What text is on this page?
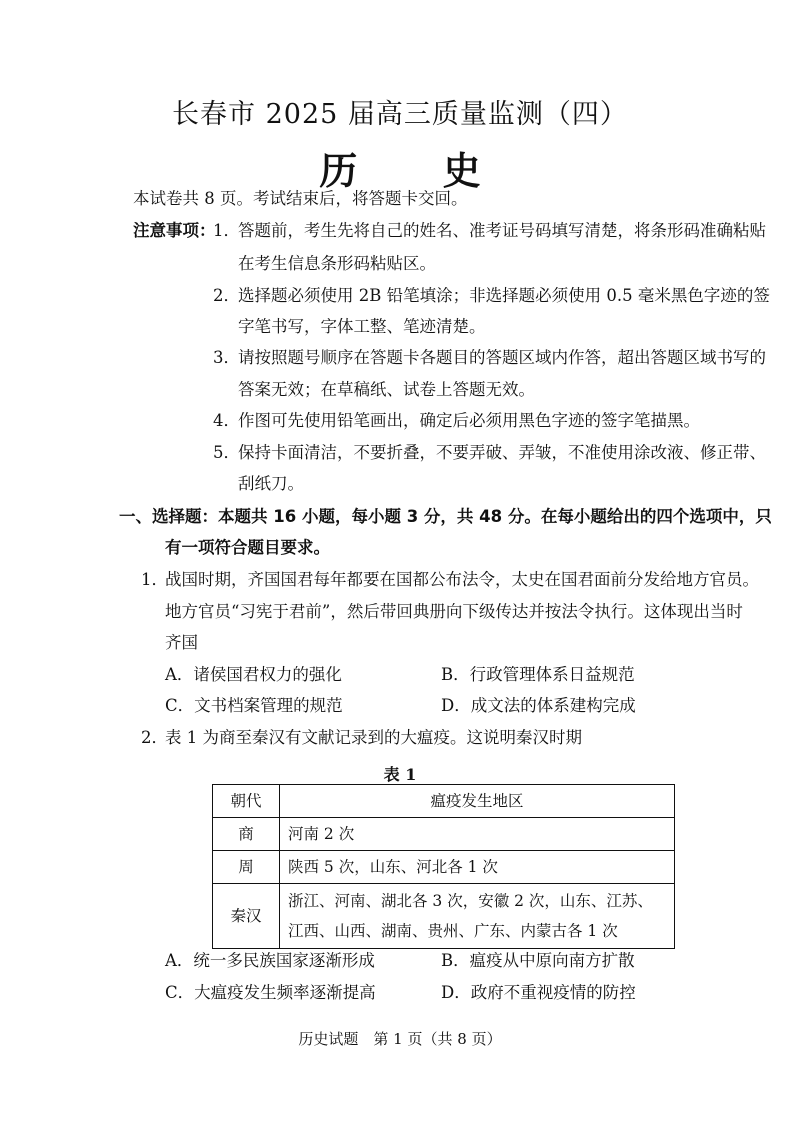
长春市 2025 届高三质量监测（四）
历 史
本试卷共 8 页。考试结束后，将答题卡交回。
注意事项：
1．
答题前，考生先将自己的姓名、准考证号码填写清楚，将条形码准确粘贴
在考生信息条形码粘贴区。
2．
选择题必须使用 2B 铅笔填涂；非选择题必须使用 0.5 毫米黑色字迹的签
字笔书写，字体工整、笔迹清楚。
3．
请按照题号顺序在答题卡各题目的答题区域内作答，超出答题区域书写的
答案无效；在草稿纸、试卷上答题无效。
4．
作图可先使用铅笔画出，确定后必须用黑色字迹的签字笔描黑。
5．
保持卡面清洁，不要折叠，不要弄破、弄皱，不准使用涂改液、修正带、
刮纸刀。
一、选择题：本题共 16 小题，每小题 3 分，共 48 分。在每小题给出的四个选项中，只
有一项符合题目要求。
1．
战国时期，齐国国君每年都要在国都公布法令，太史在国君面前分发给地方官员。
地方官员“习宪于君前”，然后带回典册向下级传达并按法令执行。这体现出当时
齐国
A．诸侯国君权力的强化	B．行政管理体系日益规范
C．文书档案管理的规范	D．成文法的体系建构完成
2．
表 1 为商至秦汉有文献记录到的大瘟疫。这说明秦汉时期
表 1
朝代	瘟疫发生地区
商	河南 2 次
周	陕西 5 次，山东、河北各 1 次
秦汉	浙江、河南、湖北各 3 次，安徽 2 次，山东、江苏、
江西、山西、湖南、贵州、广东、内蒙古各 1 次
A．统一多民族国家逐渐形成	B．瘟疫从中原向南方扩散
C．大瘟疫发生频率逐渐提高	D．政府不重视疫情的防控
历史试题　第 1 页（共 8 页）
